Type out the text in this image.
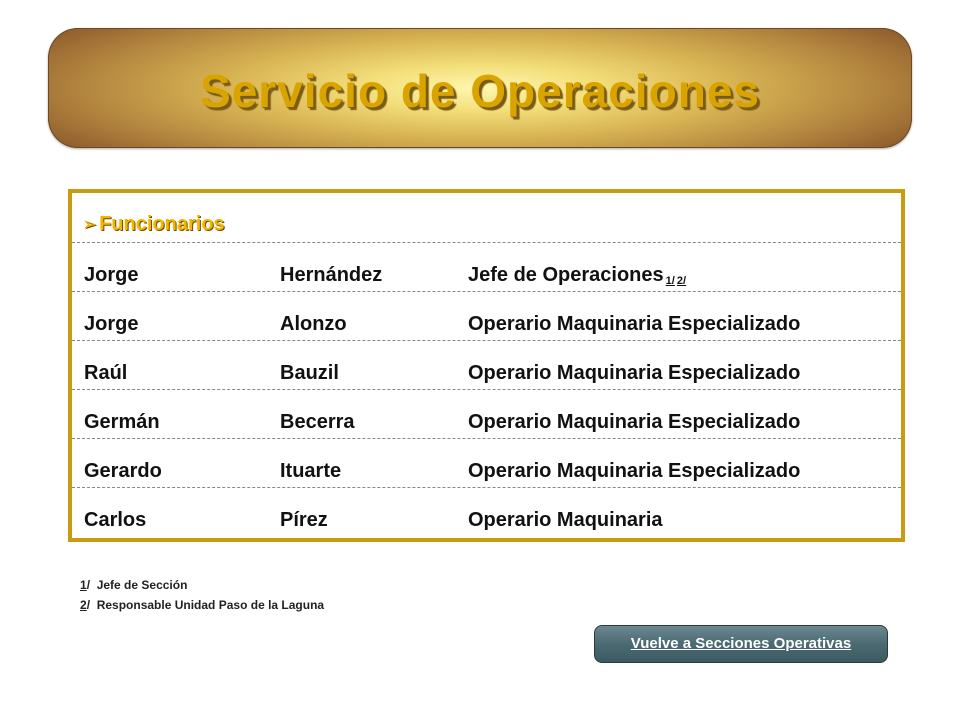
Servicio de Operaciones
➢ Funcionarios
Jorge	Hernández	Jefe de Operaciones $_{1/}$ $_{2/}$
Jorge	Alonzo	Operario Maquinaria Especializado
Raúl	Bauzil	Operario Maquinaria Especializado
Germán	Becerra	Operario Maquinaria Especializado
Gerardo	Ituarte	Operario Maquinaria Especializado
Carlos	Pírez	Operario Maquinaria
1/ Jefe de Sección
2/ Responsable Unidad Paso de la Laguna
Vuelve a Secciones Operativas
